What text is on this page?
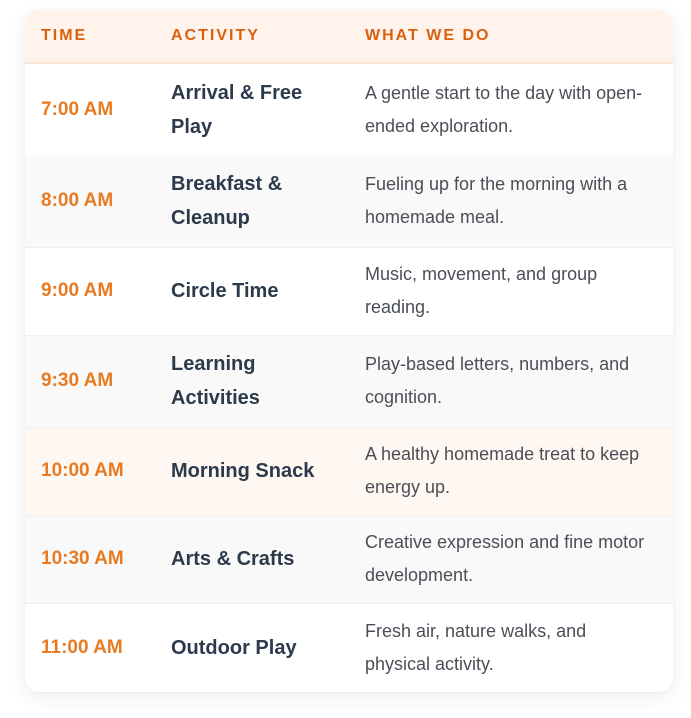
TIME	ACTIVITY	WHAT WE DO
7:00 AM	Arrival & Free Play	A gentle start to the day with open-ended exploration.
8:00 AM	Breakfast & Cleanup	Fueling up for the morning with a homemade meal.
9:00 AM	Circle Time	Music, movement, and group reading.
9:30 AM	Learning Activities	Play-based letters, numbers, and cognition.
10:00 AM	Morning Snack	A healthy homemade treat to keep energy up.
10:30 AM	Arts & Crafts	Creative expression and fine motor development.
11:00 AM	Outdoor Play	Fresh air, nature walks, and physical activity.
